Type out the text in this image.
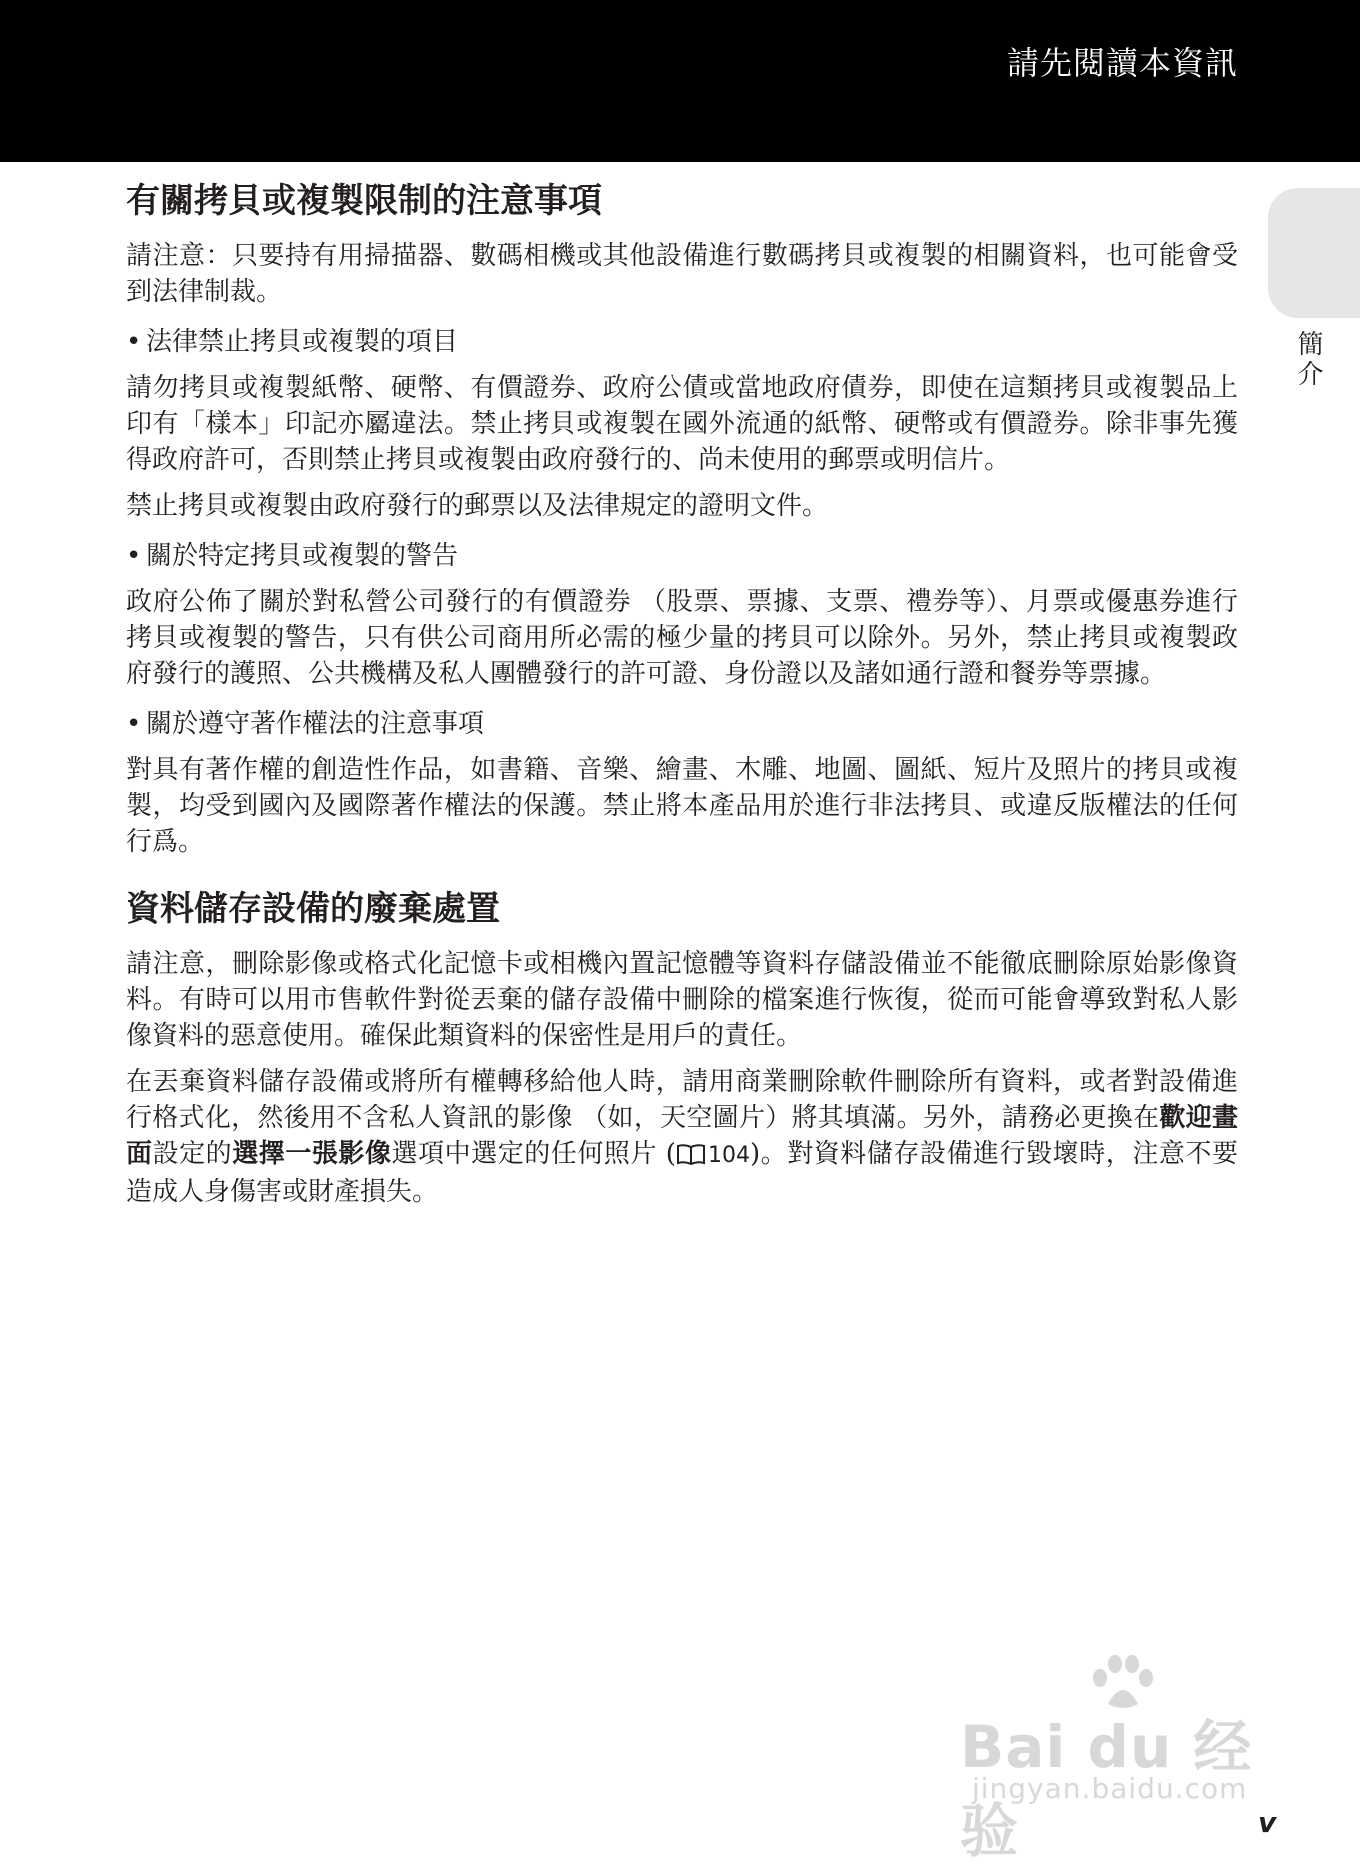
請先閱讀本資訊
簡介
有關拷貝或複製限制的注意事項

請注意：只要持有用掃描器、數碼相機或其他設備進行數碼拷貝或複製的相關資料，也可能會受到法律制裁。

• 法律禁止拷貝或複製的項目

請勿拷貝或複製紙幣、硬幣、有價證券、政府公債或當地政府債券，即使在這類拷貝或複製品上印有「樣本」印記亦屬違法。禁止拷貝或複製在國外流通的紙幣、硬幣或有價證券。除非事先獲得政府許可，否則禁止拷貝或複製由政府發行的、尚未使用的郵票或明信片。

禁止拷貝或複製由政府發行的郵票以及法律規定的證明文件。

• 關於特定拷貝或複製的警告

政府公佈了關於對私營公司發行的有價證券 （股票、票據、支票、禮券等）、月票或優惠券進行拷貝或複製的警告，只有供公司商用所必需的極少量的拷貝可以除外。另外，禁止拷貝或複製政府發行的護照、公共機構及私人團體發行的許可證、身份證以及諸如通行證和餐券等票據。

• 關於遵守著作權法的注意事項

對具有著作權的創造性作品，如書籍、音樂、繪畫、木雕、地圖、圖紙、短片及照片的拷貝或複製，均受到國內及國際著作權法的保護。禁止將本產品用於進行非法拷貝、或違反版權法的任何行爲。

資料儲存設備的廢棄處置

請注意，刪除影像或格式化記憶卡或相機內置記憶體等資料存儲設備並不能徹底刪除原始影像資料。有時可以用市售軟件對從丟棄的儲存設備中刪除的檔案進行恢復，從而可能會導致對私人影像資料的惡意使用。確保此類資料的保密性是用戶的責任。

在丟棄資料儲存設備或將所有權轉移給他人時，請用商業刪除軟件刪除所有資料，或者對設備進行格式化，然後用不含私人資訊的影像 （如，天空圖片）將其填滿。另外，請務必更換在歡迎畫面設定的選擇一張影像選項中選定的任何照片 ( 104)。對資料儲存設備進行毀壞時，注意不要造成人身傷害或財產損失。

Bai du 经验
jingyan.baidu.com
v
